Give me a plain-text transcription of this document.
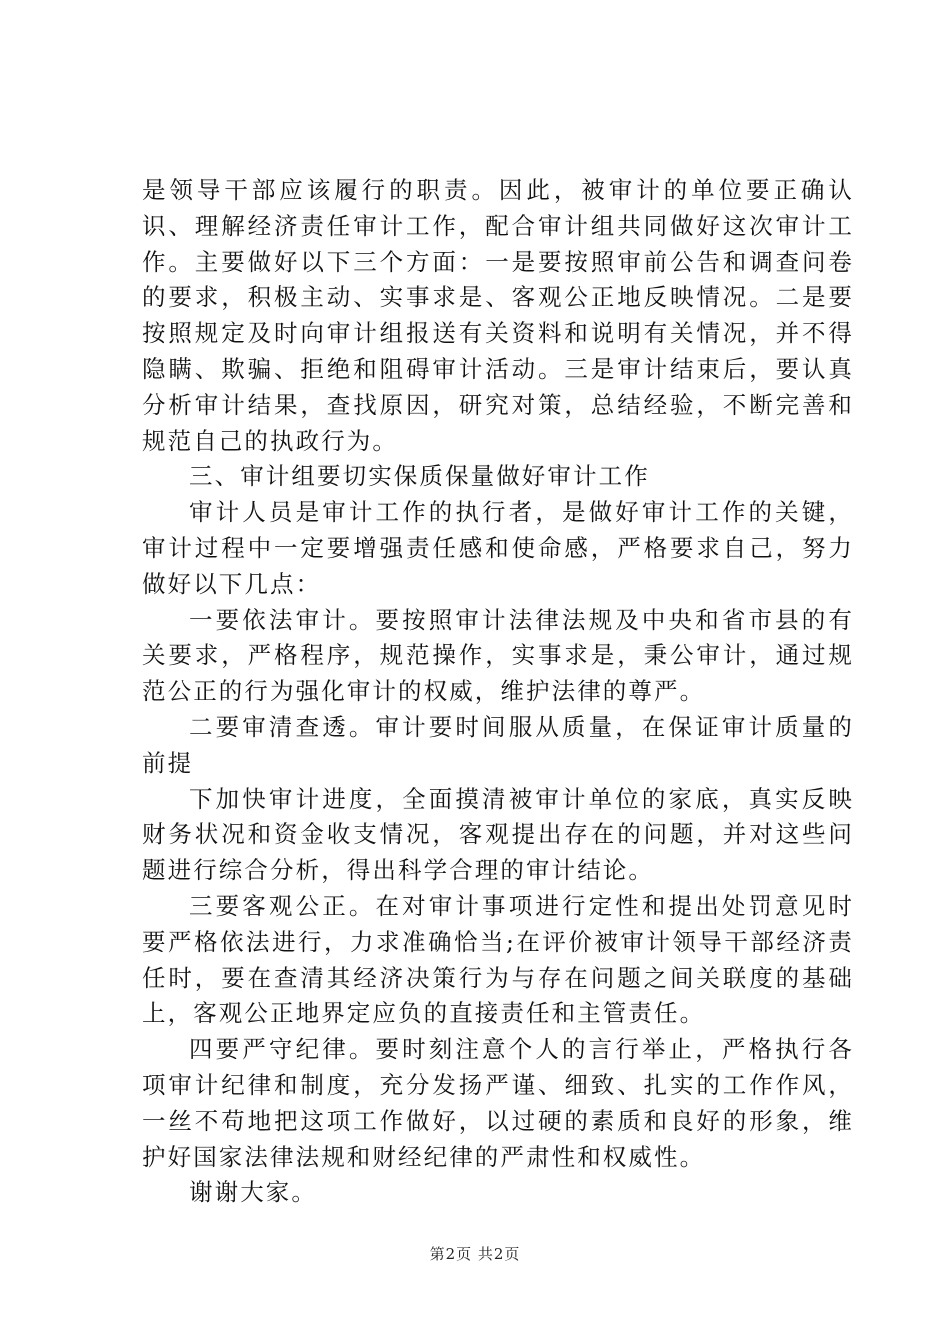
是领导干部应该履行的职责。因此，被审计的单位要正确认识、理解经济责任审计工作，配合审计组共同做好这次审计工作。主要做好以下三个方面：一是要按照审前公告和调查问卷的要求，积极主动、实事求是、客观公正地反映情况。二是要按照规定及时向审计组报送有关资料和说明有关情况，并不得隐瞒、欺骗、拒绝和阻碍审计活动。三是审计结束后，要认真分析审计结果，查找原因，研究对策，总结经验，不断完善和规范自己的执政行为。

三、审计组要切实保质保量做好审计工作

审计人员是审计工作的执行者，是做好审计工作的关键，审计过程中一定要增强责任感和使命感，严格要求自己，努力做好以下几点：

一要依法审计。要按照审计法律法规及中央和省市县的有关要求，严格程序，规范操作，实事求是，秉公审计，通过规范公正的行为强化审计的权威，维护法律的尊严。

二要审清查透。审计要时间服从质量，在保证审计质量的前提

下加快审计进度，全面摸清被审计单位的家底，真实反映财务状况和资金收支情况，客观提出存在的问题，并对这些问题进行综合分析，得出科学合理的审计结论。

三要客观公正。在对审计事项进行定性和提出处罚意见时要严格依法进行，力求准确恰当;在评价被审计领导干部经济责任时，要在查清其经济决策行为与存在问题之间关联度的基础上，客观公正地界定应负的直接责任和主管责任。

四要严守纪律。要时刻注意个人的言行举止，严格执行各项审计纪律和制度，充分发扬严谨、细致、扎实的工作作风，一丝不苟地把这项工作做好，以过硬的素质和良好的形象，维护好国家法律法规和财经纪律的严肃性和权威性。

谢谢大家。

第2页 共2页
